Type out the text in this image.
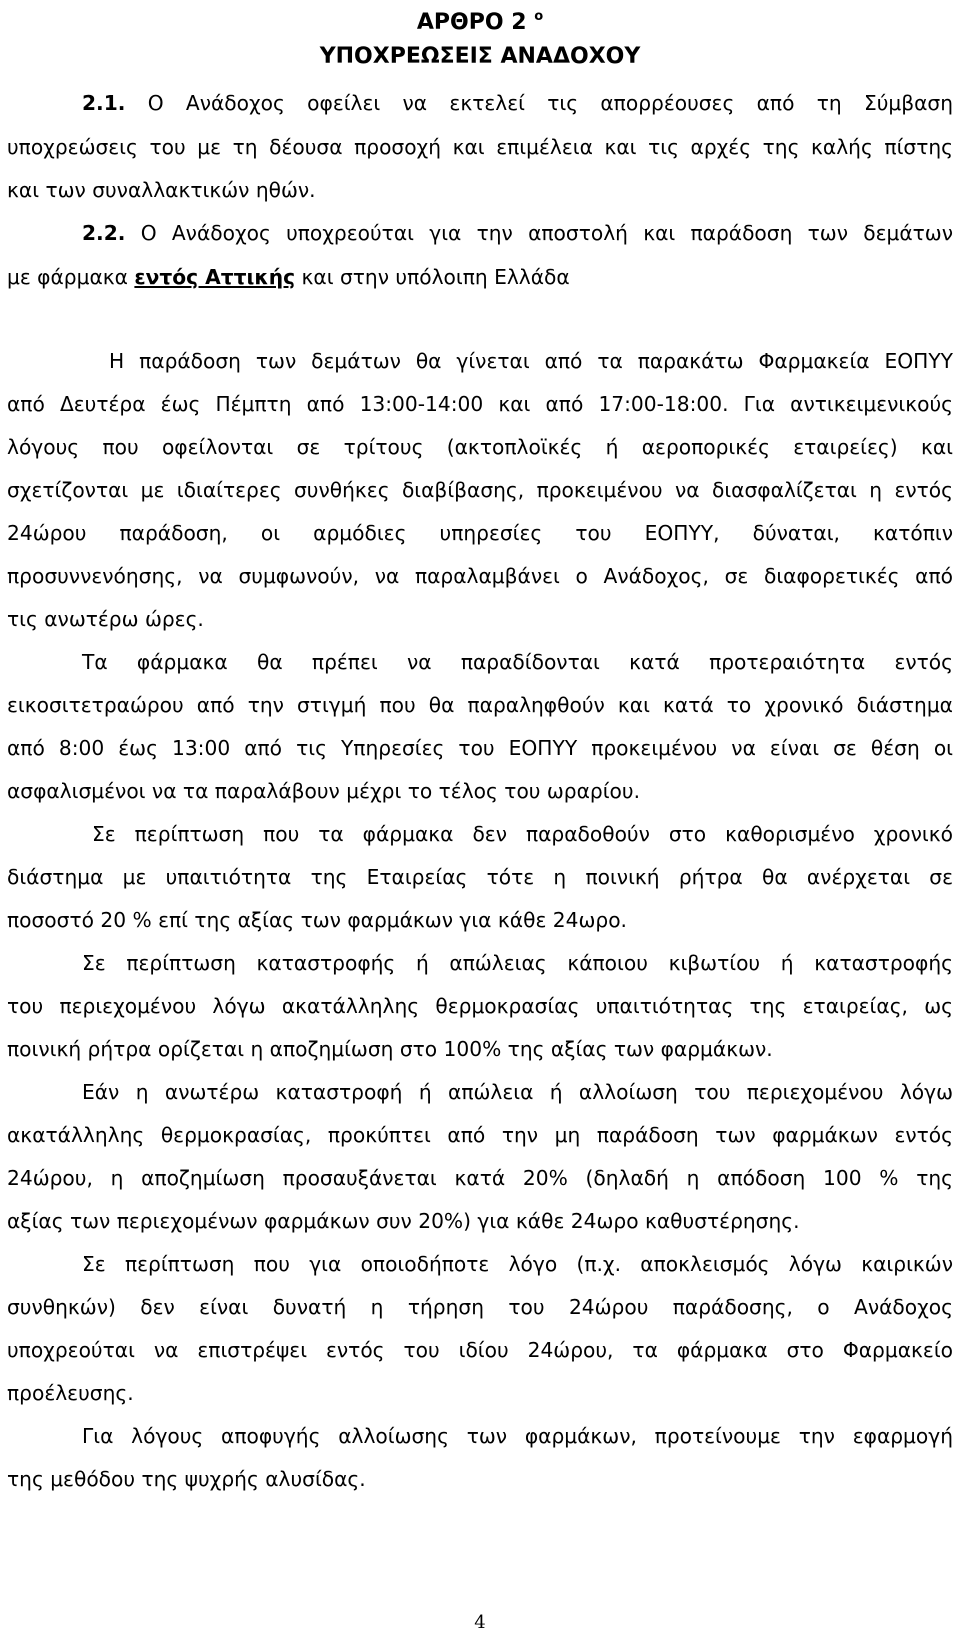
ΑΡΘΡΟ 2 $^o$
ΥΠΟΧΡΕΩΣΕΙΣ ΑΝΑΔΟΧΟΥ
2.1. Ο Ανάδοχος οφείλει να εκτελεί τις απορρέουσες από τη Σύμβαση
υποχρεώσεις του με τη δέουσα προσοχή και επιμέλεια και τις αρχές της καλής πίστης
και των συναλλακτικών ηθών.
2.2. Ο Ανάδοχος υποχρεούται για την αποστολή και παράδοση των δεμάτων
με φάρμακα εντός Αττικής και στην υπόλοιπη Ελλάδα
Η παράδοση των δεμάτων θα γίνεται από τα παρακάτω Φαρμακεία ΕΟΠΥΥ
από Δευτέρα έως Πέμπτη από 13:00-14:00 και από 17:00-18:00. Για αντικειμενικούς
λόγους που οφείλονται σε τρίτους (ακτοπλοϊκές ή αεροπορικές εταιρείες) και
σχετίζονται με ιδιαίτερες συνθήκες διαβίβασης, προκειμένου να διασφαλίζεται η εντός
24ώρου παράδοση, οι αρμόδιες υπηρεσίες του ΕΟΠΥΥ, δύναται, κατόπιν
προσυννενόησης, να συμφωνούν, να παραλαμβάνει ο Ανάδοχος, σε διαφορετικές από
τις ανωτέρω ώρες.
Τα φάρμακα θα πρέπει να παραδίδονται κατά προτεραιότητα εντός
εικοσιτετραώρου από την στιγμή που θα παραληφθούν και κατά το χρονικό διάστημα
από 8:00 έως 13:00 από τις Υπηρεσίες του ΕΟΠΥΥ προκειμένου να είναι σε θέση οι
ασφαλισμένοι να τα παραλάβουν μέχρι το τέλος του ωραρίου.
Σε περίπτωση που τα φάρμακα δεν παραδοθούν στο καθορισμένο χρονικό
διάστημα με υπαιτιότητα της Εταιρείας τότε η ποινική ρήτρα θα ανέρχεται σε
ποσοστό 20 % επί της αξίας των φαρμάκων για κάθε 24ωρο.
Σε περίπτωση καταστροφής ή απώλειας κάποιου κιβωτίου ή καταστροφής
του περιεχομένου λόγω ακατάλληλης θερμοκρασίας υπαιτιότητας της εταιρείας, ως
ποινική ρήτρα ορίζεται η αποζημίωση στο 100% της αξίας των φαρμάκων.
Εάν η ανωτέρω καταστροφή ή απώλεια ή αλλοίωση του περιεχομένου λόγω
ακατάλληλης θερμοκρασίας, προκύπτει από την μη παράδοση των φαρμάκων εντός
24ώρου, η αποζημίωση προσαυξάνεται κατά 20% (δηλαδή η απόδοση 100 % της
αξίας των περιεχομένων φαρμάκων συν 20%) για κάθε 24ωρο καθυστέρησης.
Σε περίπτωση που για οποιοδήποτε λόγο (π.χ. αποκλεισμός λόγω καιρικών
συνθηκών) δεν είναι δυνατή η τήρηση του 24ώρου παράδοσης, ο Ανάδοχος
υποχρεούται να επιστρέψει εντός του ιδίου 24ώρου, τα φάρμακα στο Φαρμακείο
προέλευσης.
Για λόγους αποφυγής αλλοίωσης των φαρμάκων, προτείνουμε την εφαρμογή
της μεθόδου της ψυχρής αλυσίδας.
4
